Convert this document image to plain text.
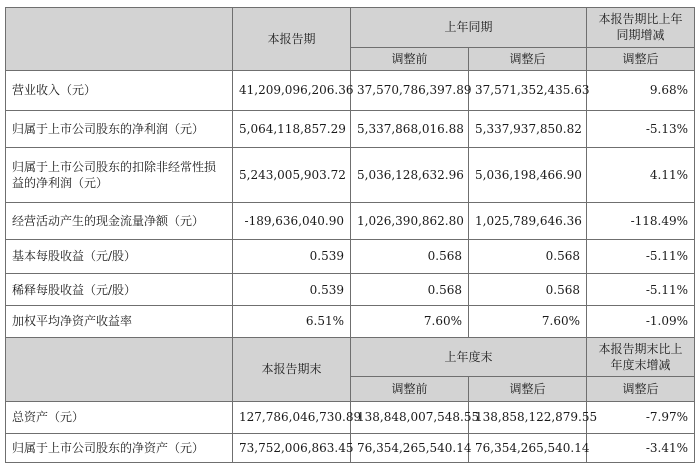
	本报告期	上年同期		本报告期比上年同期增减
		调整前	调整后	调整后
营业收入（元）	41,209,096,206.36	37,570,786,397.89	37,571,352,435.63	9.68%
归属于上市公司股东的净利润（元）	5,064,118,857.29	5,337,868,016.88	5,337,937,850.82	-5.13%
归属于上市公司股东的扣除非经常性损益的净利润（元）	5,243,005,903.72	5,036,128,632.96	5,036,198,466.90	4.11%
经营活动产生的现金流量净额（元）	-189,636,040.90	1,026,390,862.80	1,025,789,646.36	-118.49%
基本每股收益（元/股）	0.539	0.568	0.568	-5.11%
稀释每股收益（元/股）	0.539	0.568	0.568	-5.11%
加权平均净资产收益率	6.51%	7.60%	7.60%	-1.09%
	本报告期末	上年度末		本报告期末比上年度末增减
		调整前	调整后	调整后
总资产（元）	127,786,046,730.89	138,848,007,548.55	138,858,122,879.55	-7.97%
归属于上市公司股东的净资产（元）	73,752,006,863.45	76,354,265,540.14	76,354,265,540.14	-3.41%
